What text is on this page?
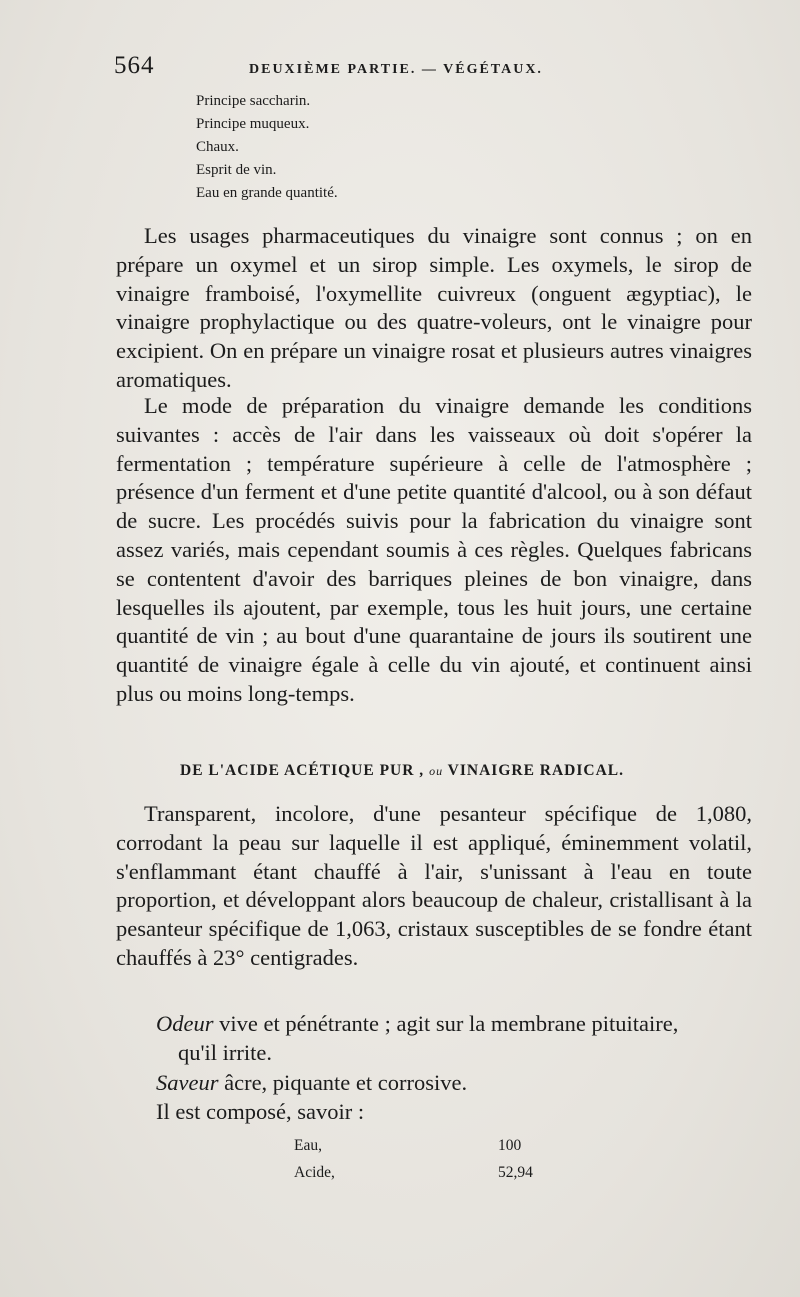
564	DEUXIÈME PARTIE. — VÉGÉTAUX.
Principe saccharin.
Principe muqueux.
Chaux.
Esprit de vin.
Eau en grande quantité.
Les usages pharmaceutiques du vinaigre sont connus ; on en prépare un oxymel et un sirop simple. Les oxymels, le sirop de vinaigre framboisé, l'oxymellite cuivreux (onguent ægyptiac), le vinaigre prophylactique ou des quatre-voleurs, ont le vinaigre pour excipient. On en prépare un vinaigre rosat et plusieurs autres vinaigres aromatiques.
Le mode de préparation du vinaigre demande les conditions suivantes : accès de l'air dans les vaisseaux où doit s'opérer la fermentation ; température supérieure à celle de l'atmosphère ; présence d'un ferment et d'une petite quantité d'alcool, ou à son défaut de sucre. Les procédés suivis pour la fabrication du vinaigre sont assez variés, mais cependant soumis à ces règles. Quelques fabricans se contentent d'avoir des barriques pleines de bon vinaigre, dans lesquelles ils ajoutent, par exemple, tous les huit jours, une certaine quantité de vin ; au bout d'une quarantaine de jours ils soutirent une quantité de vinaigre égale à celle du vin ajouté, et continuent ainsi plus ou moins long-temps.
DE L'ACIDE ACÉTIQUE PUR , ou VINAIGRE RADICAL.
Transparent, incolore, d'une pesanteur spécifique de 1,080, corrodant la peau sur laquelle il est appliqué, éminemment volatil, s'enflammant étant chauffé à l'air, s'unissant à l'eau en toute proportion, et développant alors beaucoup de chaleur, cristallisant à la pesanteur spécifique de 1,063, cristaux susceptibles de se fondre étant chauffés à 23° centigrades.
Odeur vive et pénétrante ; agit sur la membrane pituitaire,
qu'il irrite.
Saveur âcre, piquante et corrosive.
Il est composé, savoir :
Eau,	100
Acide,	52,94
